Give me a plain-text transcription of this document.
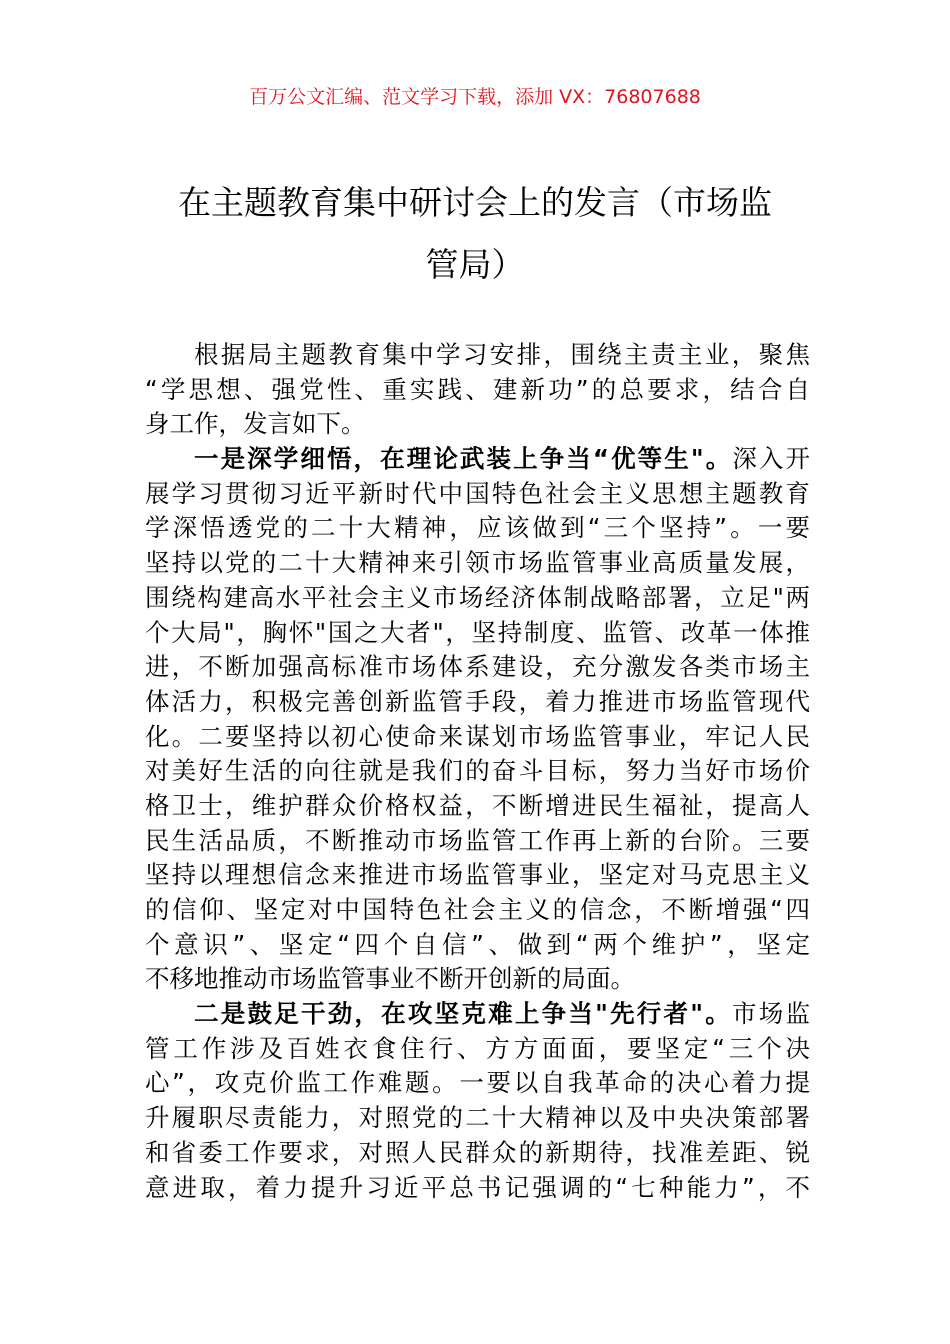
百万公文汇编、范文学习下载，添加 VX：76807688
在主题教育集中研讨会上的发言（市场监
管局）
根据局主题教育集中学习安排，围绕主责主业，聚焦
“学思想、强党性、重实践、建新功”的总要求，结合自
身工作，发言如下。
一是深学细悟，在理论武装上争当“优等生"。深入开
展学习贯彻习近平新时代中国特色社会主义思想主题教育
学深悟透党的二十大精神，应该做到“三个坚持”。一要
坚持以党的二十大精神来引领市场监管事业高质量发展，
围绕构建高水平社会主义市场经济体制战略部署，立足"两
个大局"，胸怀"国之大者"，坚持制度、监管、改革一体推
进，不断加强高标准市场体系建设，充分激发各类市场主
体活力，积极完善创新监管手段，着力推进市场监管现代
化。二要坚持以初心使命来谋划市场监管事业，牢记人民
对美好生活的向往就是我们的奋斗目标，努力当好市场价
格卫士，维护群众价格权益，不断增进民生福祉，提高人
民生活品质，不断推动市场监管工作再上新的台阶。三要
坚持以理想信念来推进市场监管事业，坚定对马克思主义
的信仰、坚定对中国特色社会主义的信念，不断增强“四
个意识”、坚定“四个自信”、做到“两个维护”，坚定
不移地推动市场监管事业不断开创新的局面。
二是鼓足干劲，在攻坚克难上争当"先行者"。市场监
管工作涉及百姓衣食住行、方方面面，要坚定“三个决
心”，攻克价监工作难题。一要以自我革命的决心着力提
升履职尽责能力，对照党的二十大精神以及中央决策部署
和省委工作要求，对照人民群众的新期待，找准差距、锐
意进取，着力提升习近平总书记强调的“七种能力”，不
